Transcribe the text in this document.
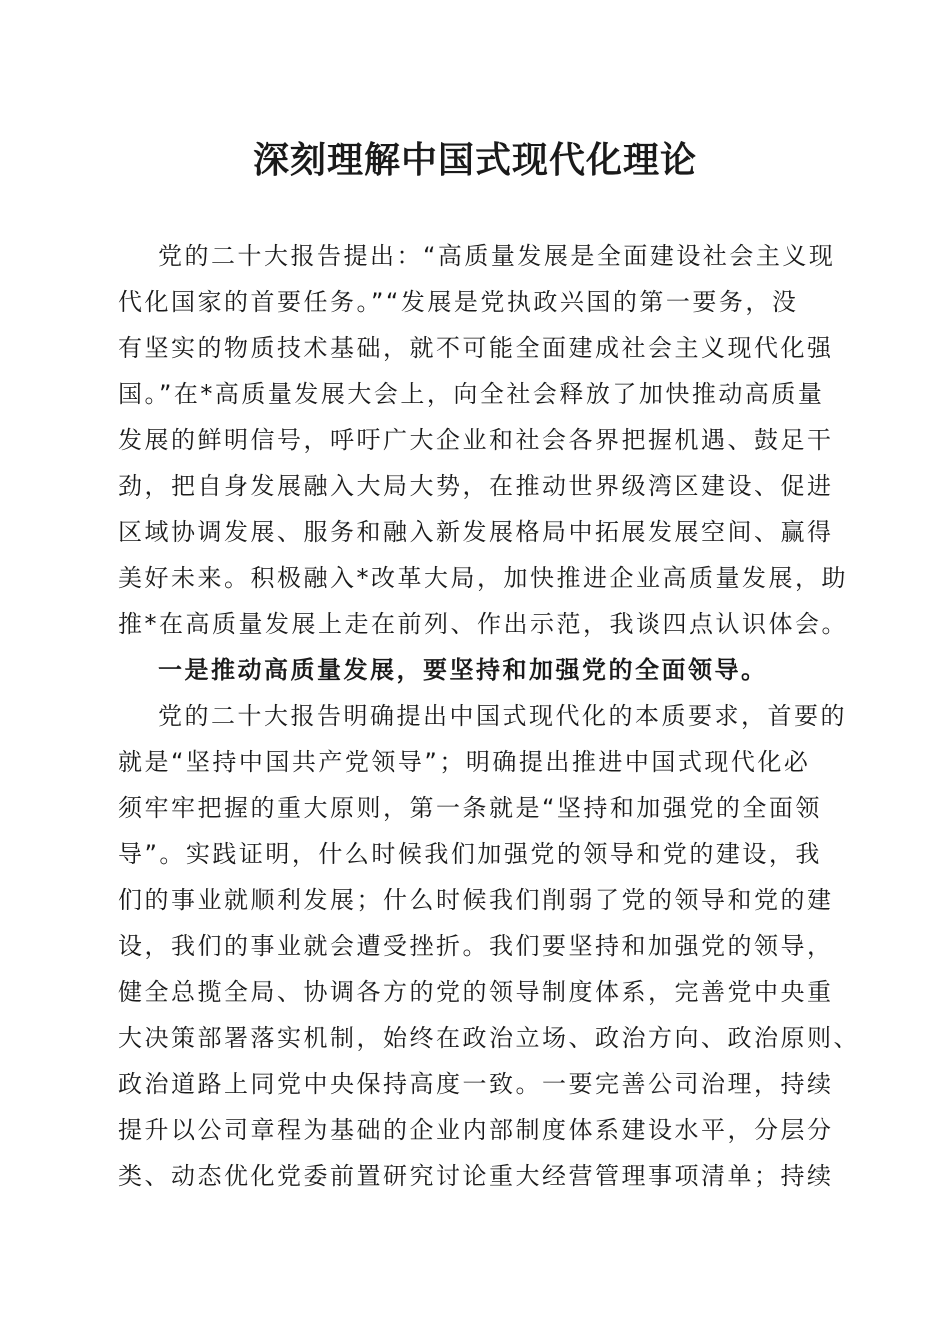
深刻理解中国式现代化理论
党的二十大报告提出：“高质量发展是全面建设社会主义现
代化国家的首要任务。”“发展是党执政兴国的第一要务，没
有坚实的物质技术基础，就不可能全面建成社会主义现代化强
国。”在*高质量发展大会上，向全社会释放了加快推动高质量
发展的鲜明信号，呼吁广大企业和社会各界把握机遇、鼓足干
劲，把自身发展融入大局大势，在推动世界级湾区建设、促进
区域协调发展、服务和融入新发展格局中拓展发展空间、赢得
美好未来。积极融入*改革大局，加快推进企业高质量发展，助
推*在高质量发展上走在前列、作出示范，我谈四点认识体会。
一是推动高质量发展，要坚持和加强党的全面领导。
党的二十大报告明确提出中国式现代化的本质要求，首要的
就是“坚持中国共产党领导”；明确提出推进中国式现代化必
须牢牢把握的重大原则，第一条就是“坚持和加强党的全面领
导”。实践证明，什么时候我们加强党的领导和党的建设，我
们的事业就顺利发展；什么时候我们削弱了党的领导和党的建
设，我们的事业就会遭受挫折。我们要坚持和加强党的领导，
健全总揽全局、协调各方的党的领导制度体系，完善党中央重
大决策部署落实机制，始终在政治立场、政治方向、政治原则、
政治道路上同党中央保持高度一致。一要完善公司治理，持续
提升以公司章程为基础的企业内部制度体系建设水平，分层分
类、动态优化党委前置研究讨论重大经营管理事项清单；持续
